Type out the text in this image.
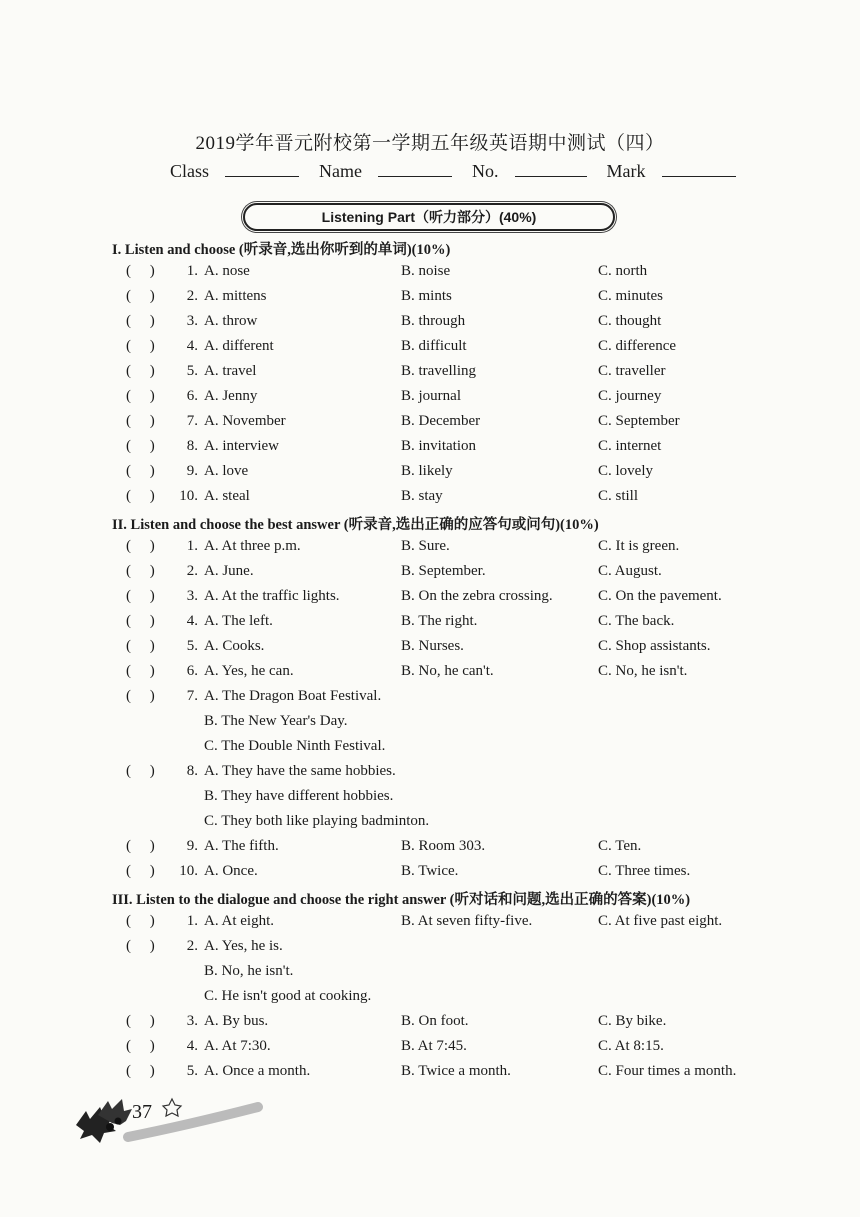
2019学年晋元附校第一学期五年级英语期中测试（四）
Class	Name	No.	Mark
Listening Part（听力部分）(40%)
I. Listen and choose (听录音,选出你听到的单词)(10%)
(     )	1. A. nose	B. noise	C. north
(     )	2. A. mittens	B. mints	C. minutes
(     )	3. A. throw	B. through	C. thought
(     )	4. A. different	B. difficult	C. difference
(     )	5. A. travel	B. travelling	C. traveller
(     )	6. A. Jenny	B. journal	C. journey
(     )	7. A. November	B. December	C. September
(     )	8. A. interview	B. invitation	C. internet
(     )	9. A. love	B. likely	C. lovely
(     )	10. A. steal	B. stay	C. still
II. Listen and choose the best answer (听录音,选出正确的应答句或问句)(10%)
(     )	1. A. At three p.m.	B. Sure.	C. It is green.
(     )	2. A. June.	B. September.	C. August.
(     )	3. A. At the traffic lights.	B. On the zebra crossing.	C. On the pavement.
(     )	4. A. The left.	B. The right.	C. The back.
(     )	5. A. Cooks.	B. Nurses.	C. Shop assistants.
(     )	6. A. Yes, he can.	B. No, he can't.	C. No, he isn't.
(     )	7. A. The Dragon Boat Festival.
B. The New Year's Day.
C. The Double Ninth Festival.
(     )	8. A. They have the same hobbies.
B. They have different hobbies.
C. They both like playing badminton.
(     )	9. A. The fifth.	B. Room 303.	C. Ten.
(     )	10. A. Once.	B. Twice.	C. Three times.
III. Listen to the dialogue and choose the right answer (听对话和问题,选出正确的答案)(10%)
(     )	1. A. At eight.	B. At seven fifty-five.	C. At five past eight.
(     )	2. A. Yes, he is.
B. No, he isn't.
C. He isn't good at cooking.
(     )	3. A. By bus.	B. On foot.	C. By bike.
(     )	4. A. At 7:30.	B. At 7:45.	C. At 8:15.
(     )	5. A. Once a month.	B. Twice a month.	C. Four times a month.
37
